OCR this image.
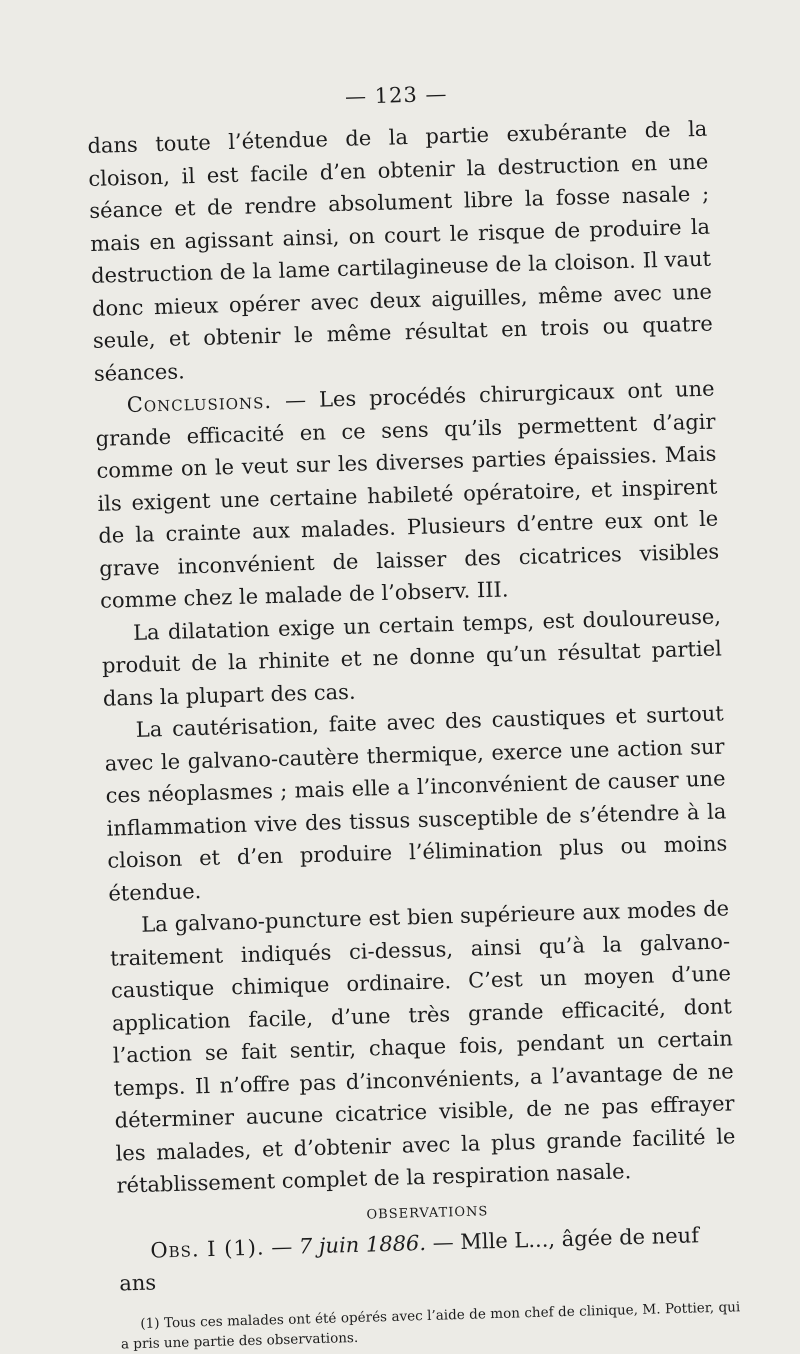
— 123 —

dans toute l’étendue de la partie exubérante de la cloison, il est facile d’en obtenir la destruction en une séance et de rendre absolument libre la fosse nasale ; mais en agissant ainsi, on court le risque de produire la destruction de la lame cartilagineuse de la cloison. Il vaut donc mieux opérer avec deux aiguilles, même avec une seule, et obtenir le même résultat en trois ou quatre séances.

Conclusions. — Les procédés chirurgicaux ont une grande efficacité en ce sens qu’ils permettent d’agir comme on le veut sur les diverses parties épaissies. Mais ils exigent une certaine habileté opératoire, et inspirent de la crainte aux malades. Plusieurs d’entre eux ont le grave inconvénient de laisser des cicatrices visibles comme chez le malade de l’observ. III.

La dilatation exige un certain temps, est douloureuse, produit de la rhinite et ne donne qu’un résultat partiel dans la plupart des cas.

La cautérisation, faite avec des caustiques et surtout avec le galvano-cautère thermique, exerce une action sur ces néoplasmes ; mais elle a l’inconvénient de causer une inflammation vive des tissus susceptible de s’étendre à la cloison et d’en produire l’élimination plus ou moins étendue.

La galvano-puncture est bien supérieure aux modes de traitement indiqués ci-dessus, ainsi qu’à la galvano-caustique chimique ordinaire. C’est un moyen d’une application facile, d’une très grande efficacité, dont l’action se fait sentir, chaque fois, pendant un certain temps. Il n’offre pas d’inconvénients, a l’avantage de ne déterminer aucune cicatrice visible, de ne pas effrayer les malades, et d’obtenir avec la plus grande facilité le rétablissement complet de la respiration nasale.

OBSERVATIONS

Obs. I (1). — 7 juin 1886. — Mlle L..., âgée de neuf ans

(1) Tous ces malades ont été opérés avec l’aide de mon chef de clinique, M. Pottier, qui a pris une partie des observations.
